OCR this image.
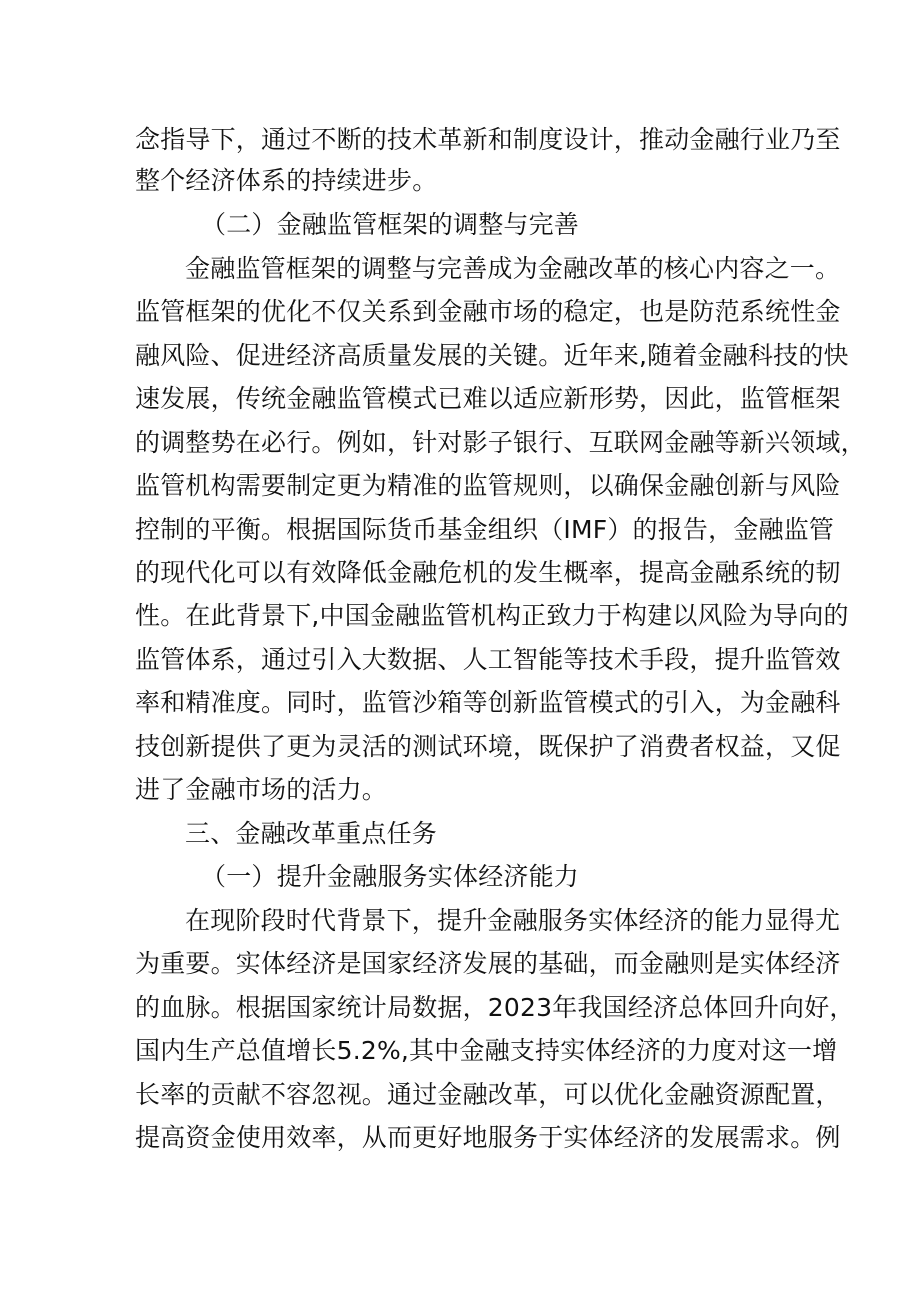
念指导下，通过不断的技术革新和制度设计，推动金融行业乃至

整个经济体系的持续进步。

（二）金融监管框架的调整与完善

金融监管框架的调整与完善成为金融改革的核心内容之一。

监管框架的优化不仅关系到金融市场的稳定，也是防范系统性金

融风险、促进经济高质量发展的关键。近年来,随着金融科技的快

速发展，传统金融监管模式已难以适应新形势，因此，监管框架

的调整势在必行。例如，针对影子银行、互联网金融等新兴领域，

监管机构需要制定更为精准的监管规则，以确保金融创新与风险

控制的平衡。根据国际货币基金组织（IMF）的报告，金融监管

的现代化可以有效降低金融危机的发生概率，提高金融系统的韧

性。在此背景下,中国金融监管机构正致力于构建以风险为导向的

监管体系，通过引入大数据、人工智能等技术手段，提升监管效

率和精准度。同时，监管沙箱等创新监管模式的引入，为金融科

技创新提供了更为灵活的测试环境，既保护了消费者权益，又促

进了金融市场的活力。

三、金融改革重点任务

（一）提升金融服务实体经济能力

在现阶段时代背景下，提升金融服务实体经济的能力显得尤

为重要。实体经济是国家经济发展的基础，而金融则是实体经济

的血脉。根据国家统计局数据，2023年我国经济总体回升向好，

国内生产总值增长5.2%,其中金融支持实体经济的力度对这一增

长率的贡献不容忽视。通过金融改革，可以优化金融资源配置，

提高资金使用效率，从而更好地服务于实体经济的发展需求。例
